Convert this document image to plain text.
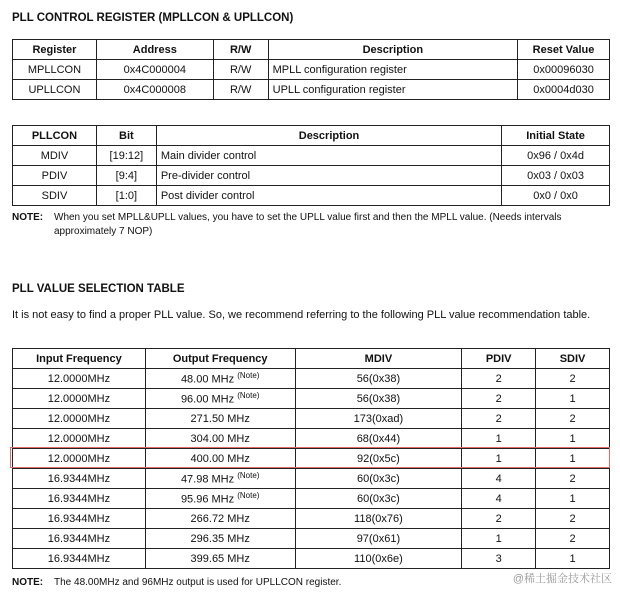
PLL CONTROL REGISTER (MPLLCON & UPLLCON)
Register	Address	R/W	Description	Reset Value
MPLLCON	0x4C000004	R/W	MPLL configuration register	0x00096030
UPLLCON	0x4C000008	R/W	UPLL configuration register	0x0004d030
PLLCON	Bit	Description	Initial State
MDIV	[19:12]	Main divider control	0x96 / 0x4d
PDIV	[9:4]	Pre-divider control	0x03 / 0x03
SDIV	[1:0]	Post divider control	0x0 / 0x0
NOTE: When you set MPLL&UPLL values, you have to set the UPLL value first and then the MPLL value. (Needs intervals
approximately 7 NOP)
PLL VALUE SELECTION TABLE
It is not easy to find a proper PLL value. So, we recommend referring to the following PLL value recommendation table.
Input Frequency	Output Frequency	MDIV	PDIV	SDIV
12.0000MHz	48.00 MHz $^{(Note)}$	56(0x38)	2	2
12.0000MHz	96.00 MHz $^{(Note)}$	56(0x38)	2	1
12.0000MHz	271.50 MHz	173(0xad)	2	2
12.0000MHz	304.00 MHz	68(0x44)	1	1
12.0000MHz	400.00 MHz	92(0x5c)	1	1
16.9344MHz	47.98 MHz $^{(Note)}$	60(0x3c)	4	2
16.9344MHz	95.96 MHz $^{(Note)}$	60(0x3c)	4	1
16.9344MHz	266.72 MHz	118(0x76)	2	2
16.9344MHz	296.35 MHz	97(0x61)	1	2
16.9344MHz	399.65 MHz	110(0x6e)	3	1
NOTE: The 48.00MHz and 96MHz output is used for UPLLCON register.	@稀土掘金技术社区
